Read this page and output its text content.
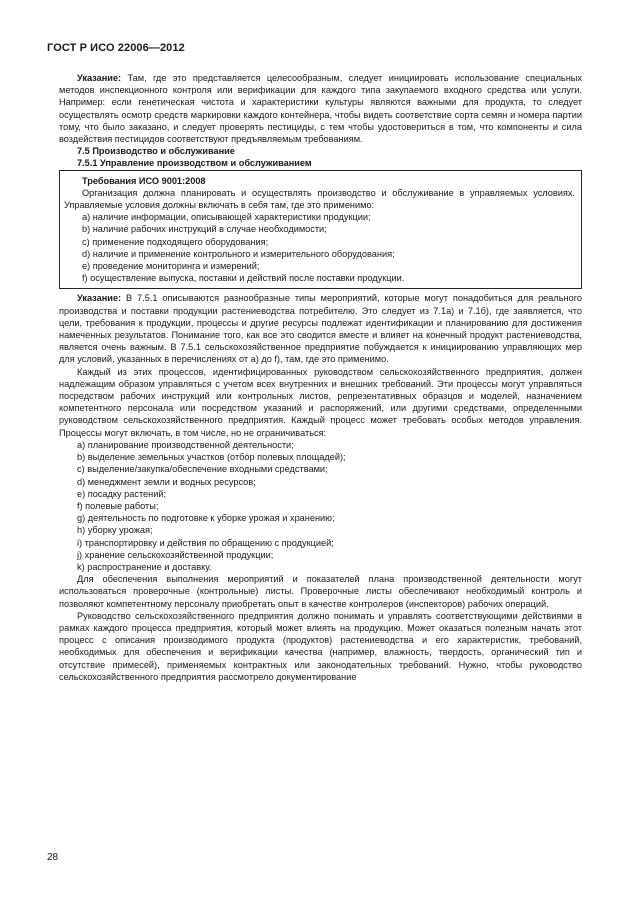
ГОСТ Р ИСО 22006—2012

Указание: Там, где это представляется целесообразным, следует инициировать использование специальных методов инспекционного контроля или верификации для каждого типа закупаемого входного средства или услуги. Например: если генетическая чистота и характеристики культуры являются важными для продукта, то следует осуществлять осмотр средств маркировки каждого контейнера, чтобы видеть соответствие сорта семян и номера партии тому, что было заказано, и следует проверять пестициды, с тем чтобы удостовериться в том, что компоненты и сила воздействия пестицидов соответствуют предъявляемым требованиям.

7.5 Производство и обслуживание

7.5.1 Управление производством и обслуживанием

Требования ИСО 9001:2008

Организация должна планировать и осуществлять производство и обслуживание в управляемых условиях. Управляемые условия должны включать в себя там, где это применимо:

а) наличие информации, описывающей характеристики продукции;

b) наличие рабочих инструкций в случае необходимости;

c) применение подходящего оборудования;

d) наличие и применение контрольного и измерительного оборудования;

e) проведение мониторинга и измерений;

f) осуществление выпуска, поставки и действий после поставки продукции.

Указание: В 7.5.1 описываются разнообразные типы мероприятий, которые могут понадобиться для реального производства и поставки продукции растениеводства потребителю. Это следует из 7.1а) и 7.1б), где заявляется, что цели, требования к продукции, процессы и другие ресурсы подлежат идентификации и планированию для достижения намеченных результатов. Понимание того, как все это сводится вместе и влияет на конечный продукт растениеводства, является очень важным. В 7.5.1 сельскохозяйственное предприятие побуждается к инициированию управляющих мер для условий, указанных в перечислениях от а) до f), там, где это применимо.

Каждый из этих процессов, идентифицированных руководством сельскохозяйственного предприятия, должен надлежащим образом управляться с учетом всех внутренних и внешних требований. Эти процессы могут управляться посредством рабочих инструкций или контрольных листов, репрезентативных образцов и моделей, назначением компетентного персонала или посредством указаний и распоряжений, или другими средствами, определенными руководством сельскохозяйственного предприятия. Каждый процесс может требовать особых методов управления. Процессы могут включать, в том числе, но не ограничиваться:

а) планирование производственной деятельности;

b) выделение земельных участков (отбор полевых площадей);

c) выделение/закупка/обеспечение входными средствами;

d) менеджмент земли и водных ресурсов;

e) посадку растений;

f) полевые работы;

g) деятельность по подготовке к уборке урожая и хранению;

h) уборку урожая;

i) транспортировку и действия по обращению с продукцией;

j) хранение сельскохозяйственной продукции;

k) распространение и доставку.

Для обеспечения выполнения мероприятий и показателей плана производственной деятельности могут использоваться проверочные (контрольные) листы. Проверочные листы обеспечивают необходимый контроль и позволяют компетентному персоналу приобретать опыт в качестве контролеров (инспекторов) рабочих операций.

Руководство сельскохозяйственного предприятия должно понимать и управлять соответствующими действиями в рамках каждого процесса предприятия, который может влиять на продукцию. Может оказаться полезным начать этот процесс с описания производимого продукта (продуктов) растениеводства и его характеристик, требований, необходимых для обеспечения и верификации качества (например, влажность, твердость, органический тип и отсутствие примесей), применяемых контрактных или законодательных требований. Нужно, чтобы руководство сельскохозяйственного предприятия рассмотрело документирование

28
